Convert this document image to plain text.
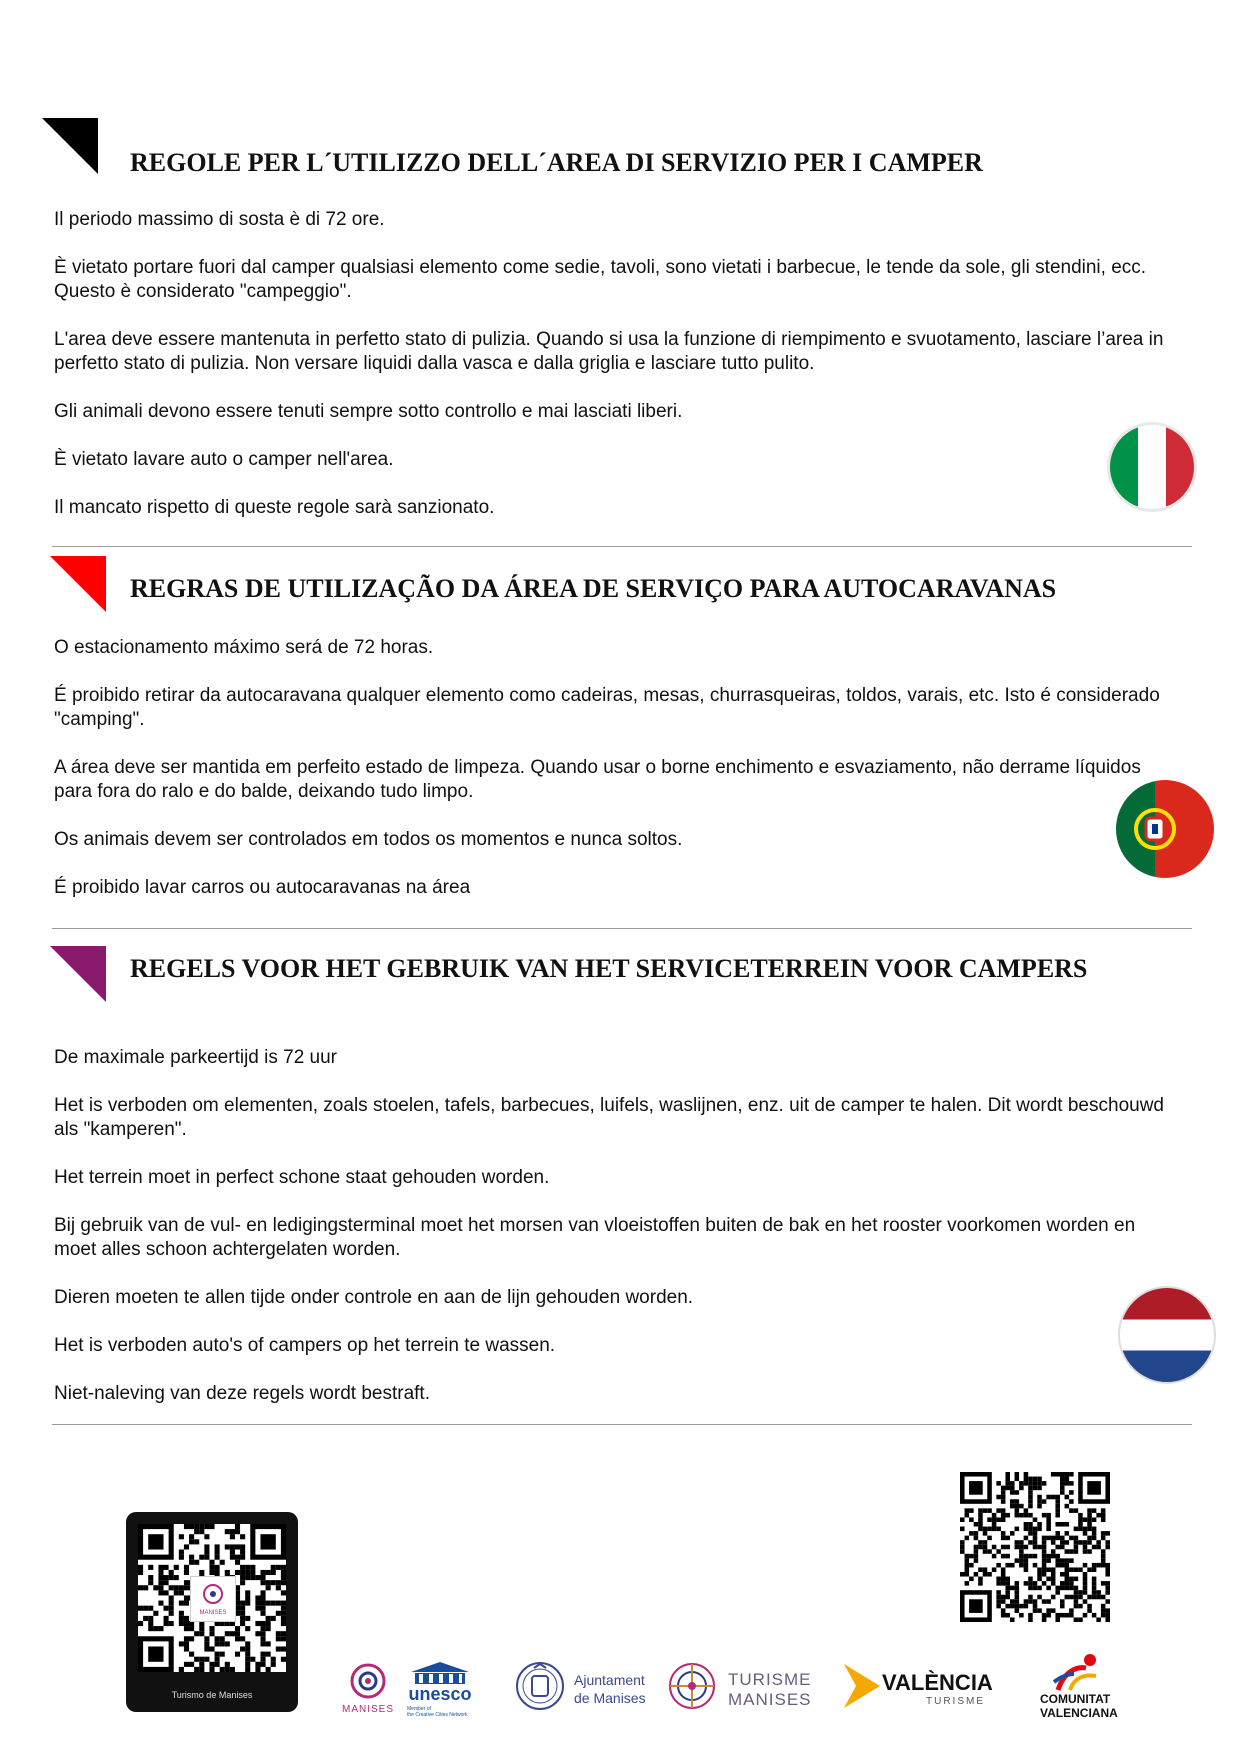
REGOLE PER L´UTILIZZO DELL´AREA DI SERVIZIO PER I CAMPER

Il periodo massimo di sosta è di 72 ore.

È vietato portare fuori dal camper qualsiasi elemento come sedie, tavoli, sono vietati i barbecue, le tende da sole, gli stendini, ecc. Questo è considerato "campeggio".

L'area deve essere mantenuta in perfetto stato di pulizia. Quando si usa la funzione di riempimento e svuotamento, lasciare l’area in perfetto stato di pulizia. Non versare liquidi dalla vasca e dalla griglia e lasciare tutto pulito.

Gli animali devono essere tenuti sempre sotto controllo e mai lasciati liberi.

È vietato lavare auto o camper nell'area.

Il mancato rispetto di queste regole sarà sanzionato.

REGRAS DE UTILIZAÇÃO DA ÁREA DE SERVIÇO PARA AUTOCARAVANAS

O estacionamento máximo será de 72 horas.

É proibido retirar da autocaravana qualquer elemento como cadeiras, mesas, churrasqueiras, toldos, varais, etc. Isto é considerado "camping".

A área deve ser mantida em perfeito estado de limpeza. Quando usar o borne enchimento e esvaziamento, não derrame líquidos para fora do ralo e do balde, deixando tudo limpo.

Os animais devem ser controlados em todos os momentos e nunca soltos.

É proibido lavar carros ou autocaravanas na área

REGELS VOOR HET GEBRUIK VAN HET SERVICETERREIN VOOR CAMPERS

De maximale parkeertijd is 72 uur

Het is verboden om elementen, zoals stoelen, tafels, barbecues, luifels, waslijnen, enz. uit de camper te halen. Dit wordt beschouwd als "kamperen".

Het terrein moet in perfect schone staat gehouden worden.

Bij gebruik van de vul- en ledigingsterminal moet het morsen van vloeistoffen buiten de bak en het rooster voorkomen worden en moet alles schoon achtergelaten worden.

Dieren moeten te allen tijde onder controle en aan de lijn gehouden worden.

Het is verboden auto's of campers op het terrein te wassen.

Niet-naleving van deze regels wordt bestraft.

MANISES
Turismo de Manises
MANISES
unesco
Member of
the Creative Cities Network
Ajuntament
de Manises
TURISME
MANISES
VALÈNCIA
TURISME	COMUNITAT
VALENCIANA
